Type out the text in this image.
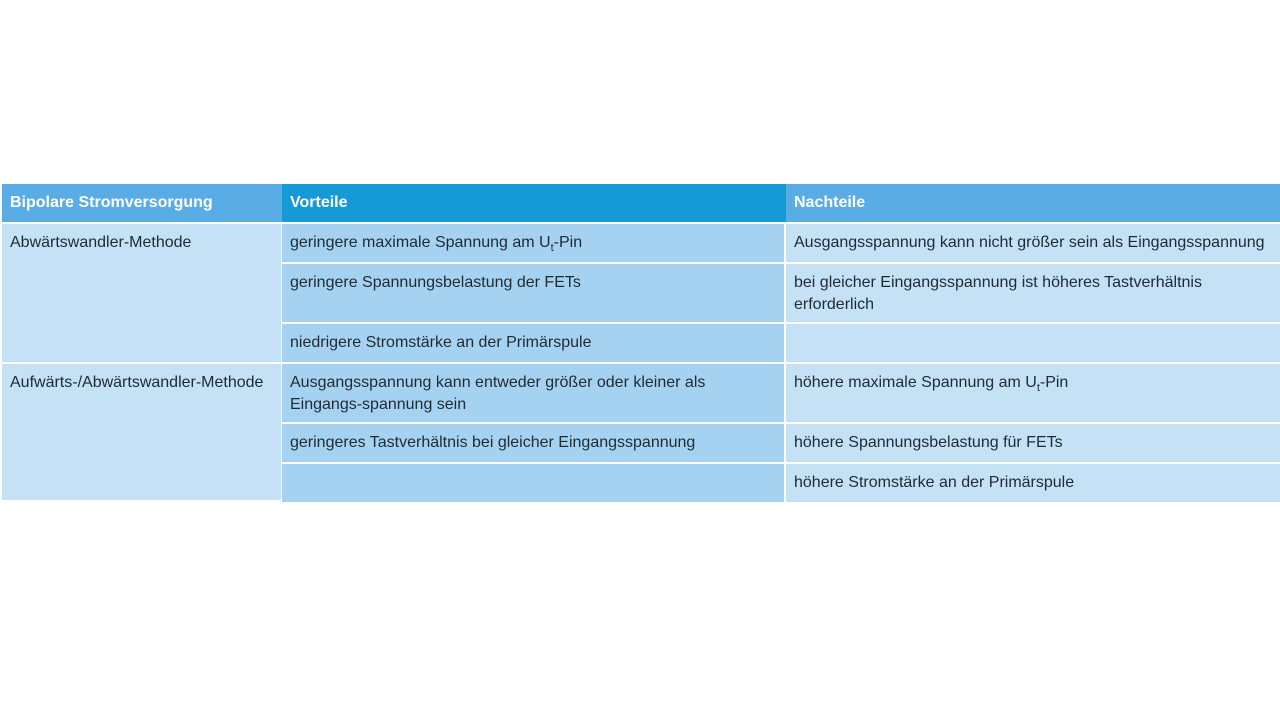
Bipolare Stromversorgung	Vorteile	Nachteile
Abwärtswandler-Methode	geringere maximale Spannung am $U_t$-Pin	Ausgangsspannung kann nicht größer sein als Eingangsspannung
	geringere Spannungsbelastung der FETs	bei gleicher Eingangsspannung ist höheres Tastverhältnis erforderlich
	niedrigere Stromstärke an der Primärspule	
Aufwärts-/Abwärtswandler-Methode	Ausgangsspannung kann entweder größer oder kleiner als Eingangs-spannung sein	höhere maximale Spannung am $U_t$-Pin
	geringeres Tastverhältnis bei gleicher Eingangsspannung	höhere Spannungsbelastung für FETs
		höhere Stromstärke an der Primärspule
